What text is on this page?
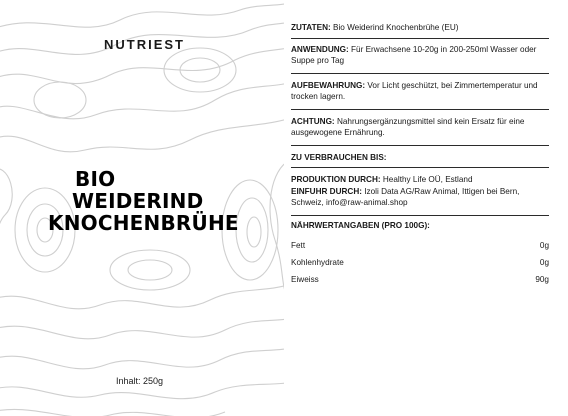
NUTRIEST
BIO
WEIDERIND
KNOCHENBRÜHE
Inhalt: 250g
ZUTATEN: Bio Weiderind Knochenbrühe (EU)
ANWENDUNG: Für Erwachsene 10-20g in 200-250ml Wasser oder Suppe pro Tag
AUFBEWAHRUNG: Vor Licht geschützt, bei Zimmertemperatur und trocken lagern.
ACHTUNG: Nahrungsergänzungsmittel sind kein Ersatz für eine ausgewogene Ernährung.
ZU VERBRAUCHEN BIS:
PRODUKTION DURCH: Healthy Life OÜ, Estland
EINFUHR DURCH: Izoli Data AG/Raw Animal, Ittigen bei Bern, Schweiz, info@raw-animal.shop
NÄHRWERTANGABEN (PRO 100G):
Fett	0g
Kohlenhydrate	0g
Eiweiss	90g
